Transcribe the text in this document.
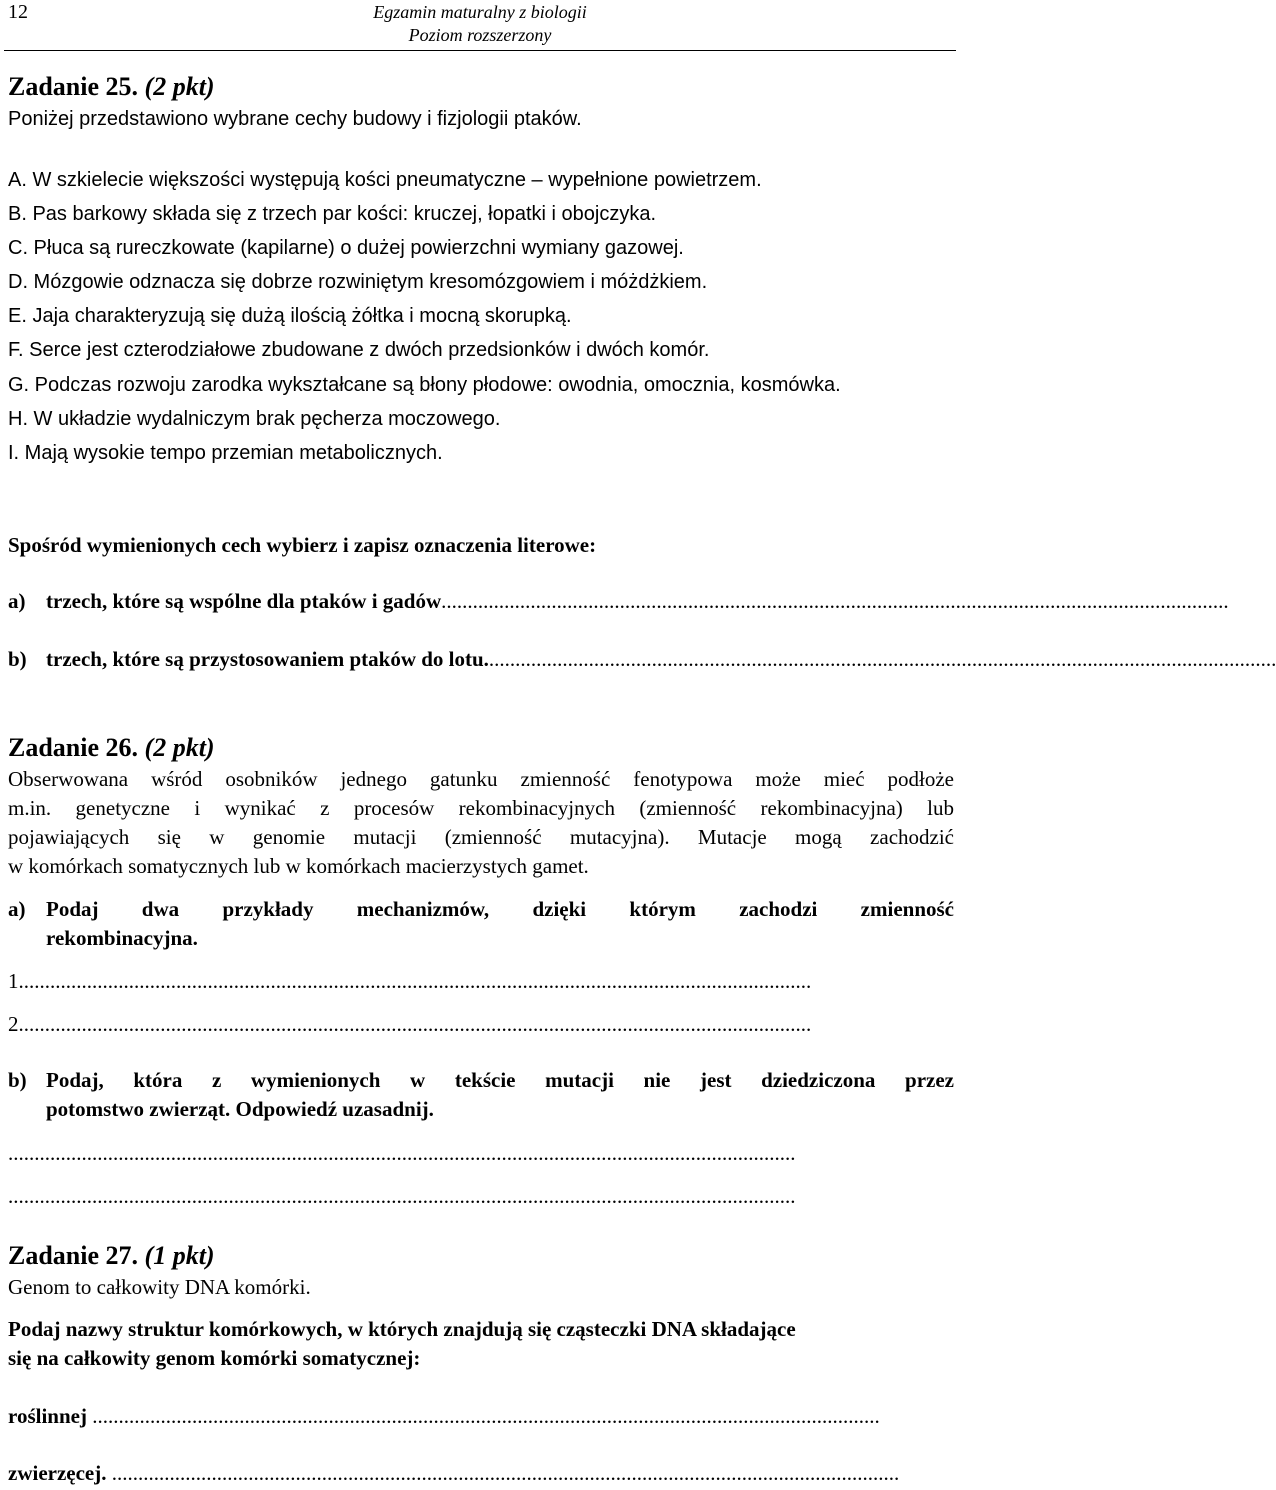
12	Egzamin maturalny z biologii
Poziom rozszerzony
Zadanie 25. (2 pkt)
Poniżej przedstawiono wybrane cechy budowy i fizjologii ptaków.
A. W szkielecie większości występują kości pneumatyczne – wypełnione powietrzem.
B. Pas barkowy składa się z trzech par kości: kruczej, łopatki i obojczyka.
C. Płuca są rureczkowate (kapilarne) o dużej powierzchni wymiany gazowej.
D. Mózgowie odznacza się dobrze rozwiniętym kresomózgowiem i móżdżkiem.
E. Jaja charakteryzują się dużą ilością żółtka i mocną skorupką.
F. Serce jest czterodziałowe zbudowane z dwóch przedsionków i dwóch komór.
G. Podczas rozwoju zarodka wykształcane są błony płodowe: owodnia, omocznia, kosmówka.
H. W układzie wydalniczym brak pęcherza moczowego.
I. Mają wysokie tempo przemian metabolicznych.
Spośród wymienionych cech wybierz i zapisz oznaczenia literowe:
a) trzech, które są wspólne dla ptaków i gadów ......................................................................................................................................................
b) trzech, które są przystosowaniem ptaków do lotu. ......................................................................................................................................................
Zadanie 26. (2 pkt)
Obserwowana wśród osobników jednego gatunku zmienność fenotypowa może mieć podłoże
m.in. genetyczne i wynikać z procesów rekombinacyjnych (zmienność rekombinacyjna) lub
pojawiających się w genomie mutacji (zmienność mutacyjna). Mutacje mogą zachodzić
w komórkach somatycznych lub w komórkach macierzystych gamet.
a) Podaj dwa przykłady mechanizmów, dzięki którym zachodzi zmienność
rekombinacyjna.
1. ......................................................................................................................................................
2. ......................................................................................................................................................
b) Podaj, która z wymienionych w tekście mutacji nie jest dziedziczona przez
potomstwo zwierząt. Odpowiedź uzasadnij.
......................................................................................................................................................
......................................................................................................................................................
Zadanie 27. (1 pkt)
Genom to całkowity DNA komórki.
Podaj nazwy struktur komórkowych, w których znajdują się cząsteczki DNA składające
się na całkowity genom komórki somatycznej:
roślinnej
......................................................................................................................................................
zwierzęcej.
......................................................................................................................................................
